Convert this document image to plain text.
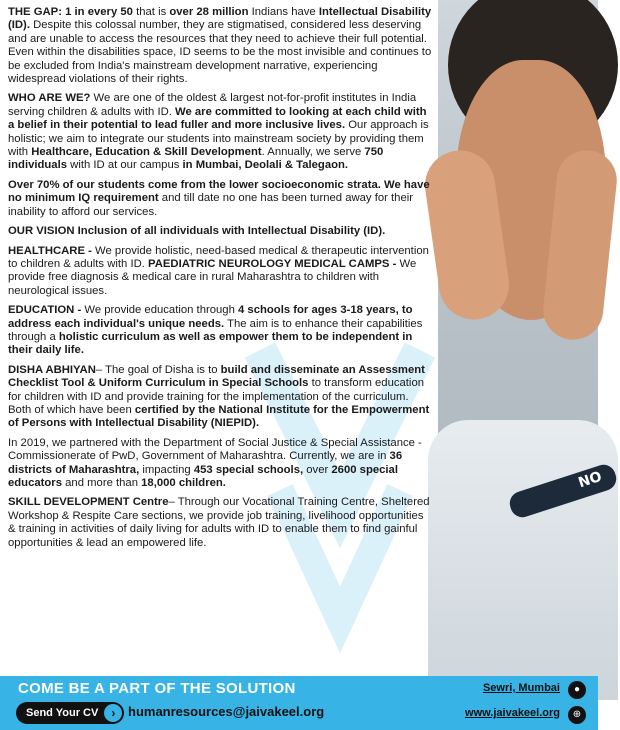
NO

THE GAP: 1 in every 50 that is over 28 million Indians have Intellectual Disability (ID). Despite this colossal number, they are stigmatised, considered less deserving and are unable to access the resources that they need to achieve their full potential. Even within the disabilities space, ID seems to be the most invisible and continues to be excluded from India's mainstream development narrative, experiencing widespread violations of their rights.

WHO ARE WE? We are one of the oldest & largest not-for-profit institutes in India serving children & adults with ID. We are committed to looking at each child with a belief in their potential to lead fuller and more inclusive lives. Our approach is holistic; we aim to integrate our students into mainstream society by providing them with Healthcare, Education & Skill Development. Annually, we serve 750 individuals with ID at our campus in Mumbai, Deolali & Talegaon.

Over 70% of our students come from the lower socioeconomic strata. We have no minimum IQ requirement and till date no one has been turned away for their inability to afford our services.

OUR VISION Inclusion of all individuals with Intellectual Disability (ID).

HEALTHCARE - We provide holistic, need-based medical & therapeutic intervention to children & adults with ID. PAEDIATRIC NEUROLOGY MEDICAL CAMPS - We provide free diagnosis & medical care in rural Maharashtra to children with neurological issues.

EDUCATION - We provide education through 4 schools for ages 3-18 years, to address each individual's unique needs. The aim is to enhance their capabilities through a holistic curriculum as well as empower them to be independent in their daily life.

DISHA ABHIYAN– The goal of Disha is to build and disseminate an Assessment Checklist Tool & Uniform Curriculum in Special Schools to transform education for children with ID and provide training for the implementation of the curriculum. Both of which have been certified by the National Institute for the Empowerment of Persons with Intellectual Disability (NIEPID).

In 2019, we partnered with the Department of Social Justice & Special Assistance - Commissionerate of PwD, Government of Maharashtra. Currently, we are in 36 districts of Maharashtra, impacting 453 special schools, over 2600 special educators and more than 18,000 children.

SKILL DEVELOPMENT Centre– Through our Vocational Training Centre, Sheltered Workshop & Respite Care sections, we provide job training, livelihood opportunities & training in activities of daily living for adults with ID to enable them to find gainful opportunities & lead an empowered life.

COME BE A PART OF THE SOLUTION
Send Your CV	› humanresources@jaivakeel.org
Sewri, Mumbai	●
www.jaivakeel.org	⊕
